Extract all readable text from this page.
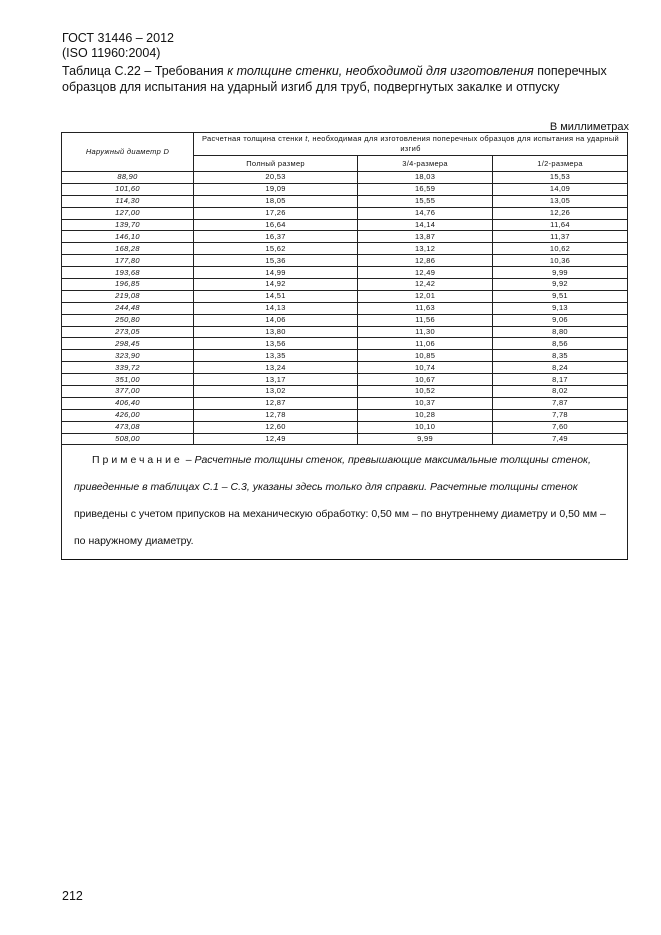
ГОСТ 31446 – 2012
(ISO 11960:2004)
Таблица С.22 – Требования к толщине стенки, необходимой для изготовления поперечных образцов для испытания на ударный изгиб для труб, подвергнутых закалке и отпуску
В миллиметрах
Наружный диаметр D	Расчетная толщина стенки t, необходимая для изготовления поперечных образцов для испытания на ударный изгиб		
	Полный размер	3/4-размера	1/2-размера
88,90	20,53	18,03	15,53
101,60	19,09	16,59	14,09
114,30	18,05	15,55	13,05
127,00	17,26	14,76	12,26
139,70	16,64	14,14	11,64
146,10	16,37	13,87	11,37
168,28	15,62	13,12	10,62
177,80	15,36	12,86	10,36
193,68	14,99	12,49	9,99
196,85	14,92	12,42	9,92
219,08	14,51	12,01	9,51
244,48	14,13	11,63	9,13
250,80	14,06	11,56	9,06
273,05	13,80	11,30	8,80
298,45	13,56	11,06	8,56
323,90	13,35	10,85	8,35
339,72	13,24	10,74	8,24
351,00	13,17	10,67	8,17
377,00	13,02	10,52	8,02
406,40	12,87	10,37	7,87
426,00	12,78	10,28	7,78
473,08	12,60	10,10	7,60
508,00	12,49	9,99	7,49
Примечание – Расчетные толщины стенок, превышающие максимальные толщины стенок, приведенные в таблицах С.1 – С.3, указаны здесь только для справки. Расчетные толщины стенок приведены с учетом припусков на механическую обработку: 0,50 мм – по внутреннему диаметру и 0,50 мм – по наружному диаметру.			
212
